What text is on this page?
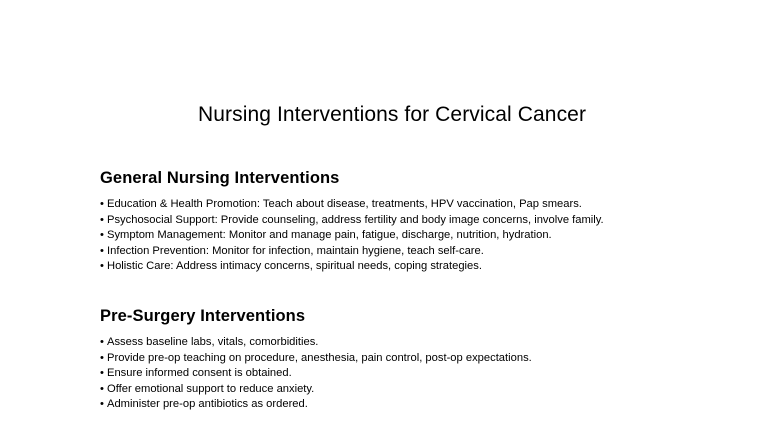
Nursing Interventions for Cervical Cancer
General Nursing Interventions
• Education & Health Promotion: Teach about disease, treatments, HPV vaccination, Pap smears.
• Psychosocial Support: Provide counseling, address fertility and body image concerns, involve family.
• Symptom Management: Monitor and manage pain, fatigue, discharge, nutrition, hydration.
• Infection Prevention: Monitor for infection, maintain hygiene, teach self-care.
• Holistic Care: Address intimacy concerns, spiritual needs, coping strategies.
Pre-Surgery Interventions
• Assess baseline labs, vitals, comorbidities.
• Provide pre-op teaching on procedure, anesthesia, pain control, post-op expectations.
• Ensure informed consent is obtained.
• Offer emotional support to reduce anxiety.
• Administer pre-op antibiotics as ordered.
